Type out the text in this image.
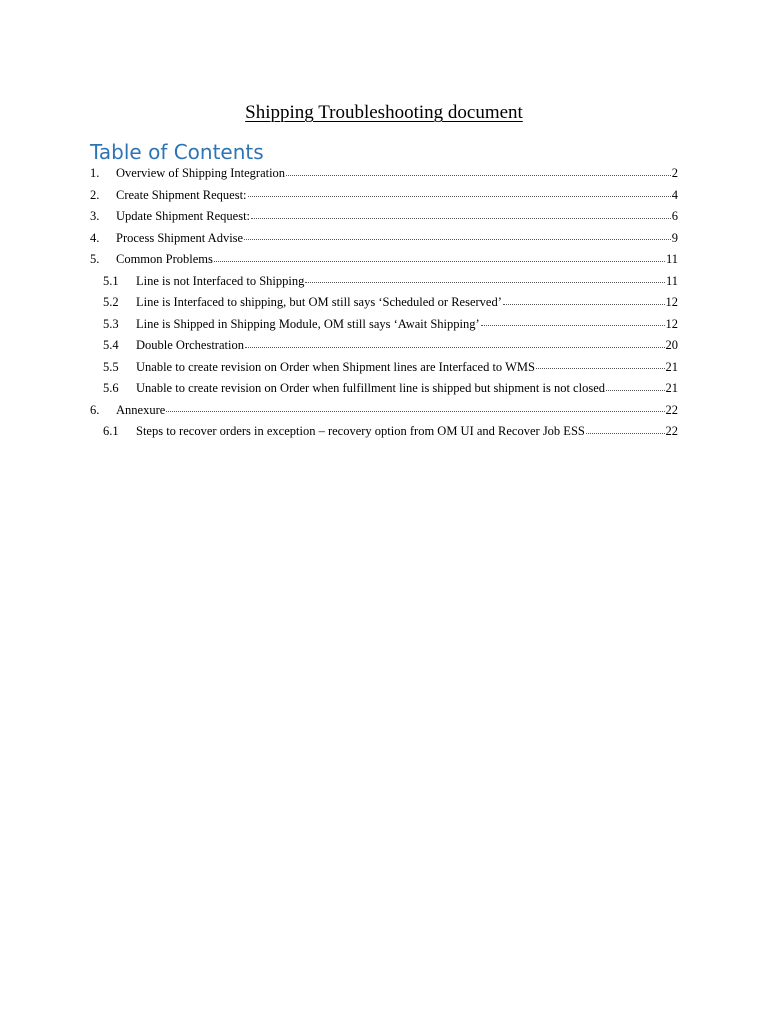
Shipping Troubleshooting document
Table of Contents
1.	Overview of Shipping Integration	2
2.	Create Shipment Request:	4
3.	Update Shipment Request:	6
4.	Process Shipment Advise	9
5.	Common Problems	11
5.1	Line is not Interfaced to Shipping	11
5.2	Line is Interfaced to shipping, but OM still says ‘Scheduled or Reserved’	12
5.3	Line is Shipped in Shipping Module, OM still says ‘Await Shipping’	12
5.4	Double Orchestration	20
5.5	Unable to create revision on Order when Shipment lines are Interfaced to WMS	21
5.6	Unable to create revision on Order when fulfillment line is shipped but shipment is not closed	21
6.	Annexure	22
6.1	Steps to recover orders in exception – recovery option from OM UI and Recover Job ESS	22
